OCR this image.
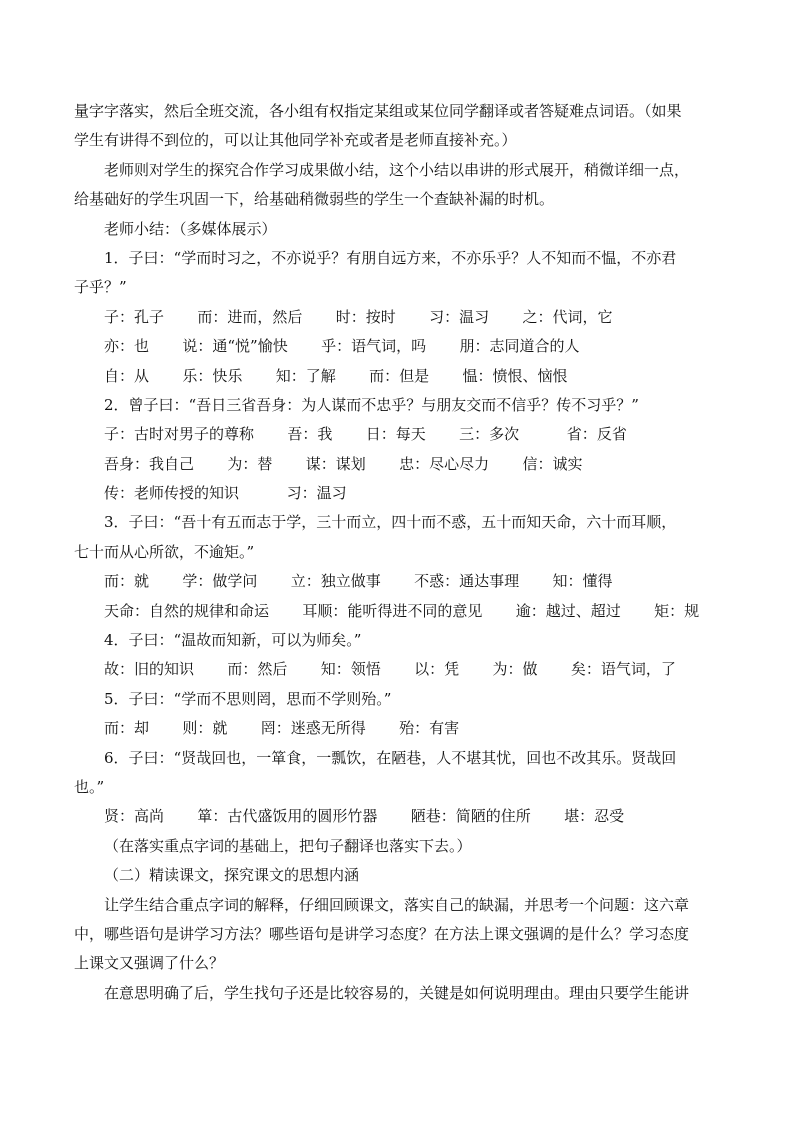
量字字落实，然后全班交流，各小组有权指定某组或某位同学翻译或者答疑难点词语。（如果
学生有讲得不到位的，可以让其他同学补充或者是老师直接补充。）
老师则对学生的探究合作学习成果做小结，这个小结以串讲的形式展开，稍微详细一点，
给基础好的学生巩固一下，给基础稍微弱些的学生一个查缺补漏的时机。
老师小结：（多媒体展示）
1．子曰：“学而时习之，不亦说乎？有朋自远方来，不亦乐乎？人不知而不愠，不亦君
子乎？”
子：孔子       而：进而，然后       时：按时       习：温习       之：代词，它
亦：也       说：通“悦”愉快       乎：语气词，吗       朋：志同道合的人
自：从       乐：快乐       知：了解       而：但是       愠：愤恨、恼恨
2．曾子曰：“吾日三省吾身：为人谋而不忠乎？与朋友交而不信乎？传不习乎？”
子：古时对男子的尊称       吾：我       日：每天       三：多次          省：反省
吾身：我自己       为：替       谋：谋划       忠：尽心尽力       信：诚实
传：老师传授的知识          习：温习
3．子曰：“吾十有五而志于学，三十而立，四十而不惑，五十而知天命，六十而耳顺，
七十而从心所欲，不逾矩。”
而：就       学：做学问       立：独立做事       不惑：通达事理       知：懂得
天命：自然的规律和命运       耳顺：能听得进不同的意见       逾：越过、超过       矩：规
4．子曰：“温故而知新，可以为师矣。”
故：旧的知识       而：然后       知：领悟       以：凭       为：做       矣：语气词，了
5．子曰：“学而不思则罔，思而不学则殆。”
而：却       则：就       罔：迷惑无所得       殆：有害
6．子曰：“贤哉回也，一箪食，一瓢饮，在陋巷，人不堪其忧，回也不改其乐。贤哉回
也。”
贤：高尚       箪：古代盛饭用的圆形竹器       陋巷：简陋的住所       堪：忍受
（在落实重点字词的基础上，把句子翻译也落实下去。）
（二）精读课文，探究课文的思想内涵
让学生结合重点字词的解释，仔细回顾课文，落实自己的缺漏，并思考一个问题：这六章
中，哪些语句是讲学习方法？哪些语句是讲学习态度？在方法上课文强调的是什么？学习态度
上课文又强调了什么？
在意思明确了后，学生找句子还是比较容易的，关键是如何说明理由。理由只要学生能讲
